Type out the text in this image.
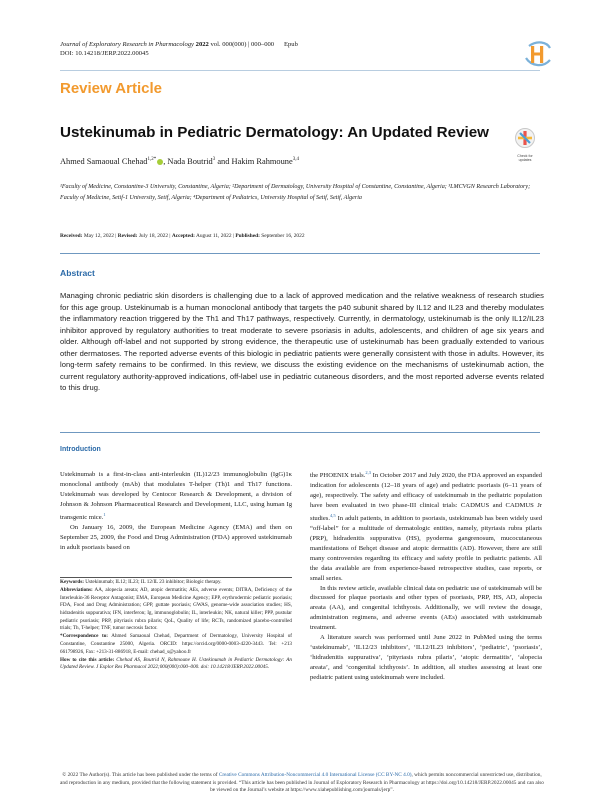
Journal of Exploratory Research in Pharmacology 2022 vol. 000(000) | 000–000 Epub
DOI: 10.14218/JERP.2022.00045
Review Article
Ustekinumab in Pediatric Dermatology: An Updated Review
Check for updates
Ahmed Samaoual Chehad$^{1,2*}$ , Nada Boutrid$^3$ and Hakim Rahmoune$^{3,4}$
¹Faculty of Medicine, Constantine-3 University, Constantine, Algeria; ²Department of Dermatology, University Hospital of Constantine, Constantine, Algeria; ³LMCVGN Research Laboratory; Faculty of Medicine, Setif-1 University, Setif, Algeria; ⁴Department of Pediatrics, University Hospital of Setif, Setif, Algeria
Received: May 12, 2022 | Revised: July 18, 2022 | Accepted: August 11, 2022 | Published: September 16, 2022
Abstract
Managing chronic pediatric skin disorders is challenging due to a lack of approved medication and the relative weakness of research studies for this age group. Ustekinumab is a human monoclonal antibody that targets the p40 subunit shared by IL12 and IL23 and thereby modulates the inflammatory reaction triggered by the Th1 and Th17 pathways, respectively. Currently, in dermatology, ustekinumab is the only IL12/IL23 inhibitor approved by regulatory authorities to treat moderate to severe psoriasis in adults, adolescents, and children of age six years and older. Although off-label and not supported by strong evidence, the therapeutic use of ustekinumab has been gradually extended to various other dermatoses. The reported adverse events of this biologic in pediatric patients were generally consistent with those in adults. However, its long-term safety remains to be confirmed. In this review, we discuss the existing evidence on the mechanisms of ustekinumab action, the current regulatory authority-approved indications, off-label use in pediatric cutaneous disorders, and the most reported adverse events related to this drug.
Introduction

Ustekinumab is a first-in-class anti-interleukin (IL)12/23 immunoglobulin (IgG)1κ monoclonal antibody (mAb) that modulates T-helper (Th)1 and Th17 functions. Ustekinumab was developed by Centocor Research & Development, a division of Johnson & Johnson Pharmaceutical Research and Development, LLC, using human Ig transgenic mice.$^1$

On January 16, 2009, the European Medicine Agency (EMA) and then on September 25, 2009, the Food and Drug Administration (FDA) approved ustekinumab in adult psoriasis based on

Keywords: Ustekinumab; IL12; IL23; IL 12/IL 23 inhibitor; Biologic therapy.

Abbreviations: AA, alopecia areata; AD, atopic dermatitis; AEs, adverse events; DITRA, Deficiency of the Interleukin-36 Receptor Antagonist; EMA, European Medicine Agency; EPP, erythrodermic pediatric psoriasis; FDA, Food and Drug Administration; GPP, guttate psoriasis; GWAS, genome-wide association studies; HS, hidradenitis suppurativa; IFN, interferon; Ig, immunoglobulin; IL, interleukin; NK, natural killer; PPP, pustular pediatric psoriasis; PRP, pityriasis rubra pilaris; QoL, Quality of life; RCTs, randomized placebo-controlled trials; Th, T-helper; TNF, tumor necrosis factor.

*Correspondence to: Ahmed Samaoual Chehad, Department of Dermatology, University Hospital of Constantine, Constantine 25000, Algeria. ORCID: https://orcid.org/0000-0003-4220-3443. Tel: +213 661798926, Fax: +213-31-886918, E-mail: chehad_s@yahoo.fr

How to cite this article: Chehad AS, Boutrid N, Rahmoune H. Ustekinumab in Pediatric Dermatology: An Updated Review. J Explor Res Pharmacol 2022;000(000):000–000. doi: 10.14218/JERP.2022.00045.

the PHOENIX trials.$^{2,3}$ In October 2017 and July 2020, the FDA approved an expanded indication for adolescents (12–18 years of age) and pediatric psoriasis (6–11 years of age), respectively. The safety and efficacy of ustekinumab in the pediatric population have been evaluated in two phase-III clinical trials: CADMUS and CADMUS Jr studies.$^{4,5}$ In adult patients, in addition to psoriasis, ustekinumab has been widely used “off-label” for a multitude of dermatologic entities, namely, pityriasis rubra pilaris (PRP), hidradenitis suppurativa (HS), pyoderma gangrenosum, mucocutaneous manifestations of Behçet disease and atopic dermatitis (AD). However, there are still many controversies regarding its efficacy and safety profile in pediatric patients. All the data available are from experience-based retrospective studies, case reports, or small series.

In this review article, available clinical data on pediatric use of ustekinumab will be discussed for plaque psoriasis and other types of psoriasis, PRP, HS, AD, alopecia areata (AA), and congenital ichthyosis. Additionally, we will review the dosage, administration regimens, and adverse events (AEs) associated with ustekinumab treatment.

A literature search was performed until June 2022 in PubMed using the terms ‘ustekinumab’, ‘IL12/23 inhibitors’, ‘IL12/IL23 inhibitors’, ‘pediatric’, ‘psoriasis’, ‘hidradenitis suppurativa’, ‘pityriasis rubra pilaris’, ‘atopic dermatitis’, ‘alopecia areata’, and ‘congenital ichthyosis’. In addition, all studies assessing at least one pediatric patient using ustekinumab were included.

© 2022 The Author(s). This article has been published under the terms of Creative Commons Attribution-Noncommercial 4.0 International License (CC BY-NC 4.0), which permits noncommercial unrestricted use, distribution, and reproduction in any medium, provided that the following statement is provided. “This article has been published in Journal of Exploratory Research in Pharmacology at https://doi.org/10.14218/JERP.2022.00045 and can also be viewed on the Journal’s website at https://www.xiahepublishing.com/journals/jerp”.
